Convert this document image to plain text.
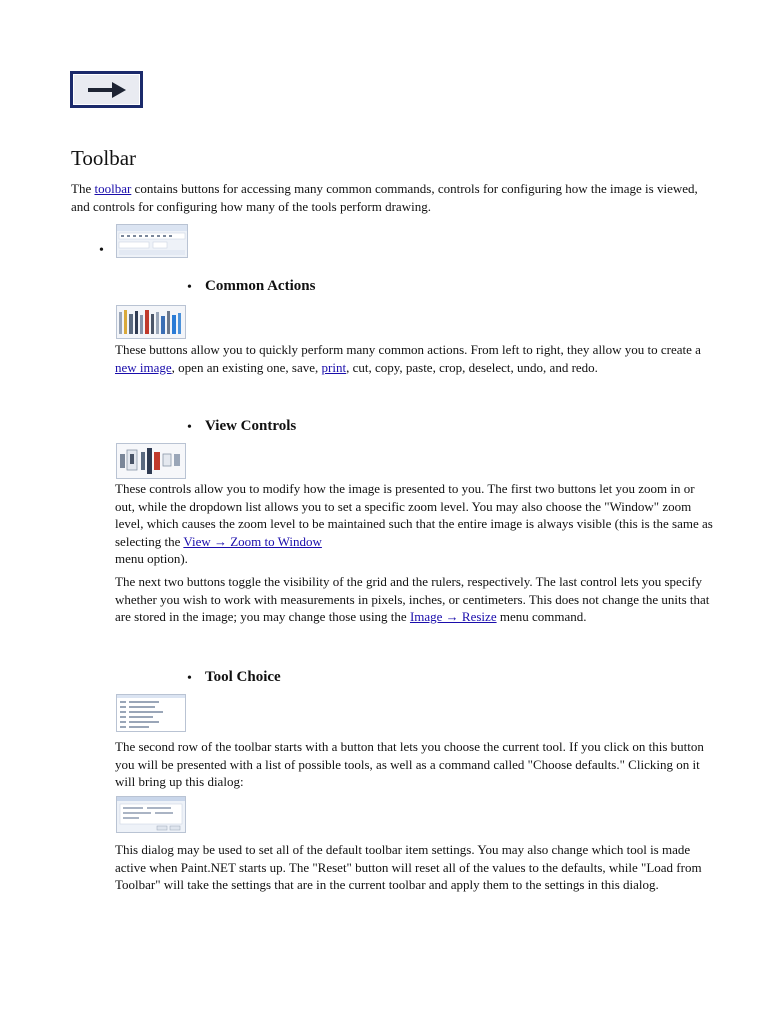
Toolbar

The toolbar contains buttons for accessing many common commands, controls for configuring how the image is viewed, and controls for configuring how many of the tools perform drawing.

•
• Common Actions

These buttons allow you to quickly perform many common actions. From left to right, they allow you to create a new image, open an existing one, save, print, cut, copy, paste, crop, deselect, undo, and redo.

• View Controls

These controls allow you to modify how the image is presented to you. The first two buttons let you zoom in or out, while the dropdown list allows you to set a specific zoom level. You may also choose the "Window" zoom level, which causes the zoom level to be maintained such that the entire image is always visible (this is the same as selecting the View → Zoom to Window
menu option).

The next two buttons toggle the visibility of the grid and the rulers, respectively. The last control lets you specify whether you wish to work with measurements in pixels, inches, or centimeters. This does not change the units that are stored in the image; you may change those using the Image → Resize menu command.

• Tool Choice

The second row of the toolbar starts with a button that lets you choose the current tool. If you click on this button you will be presented with a list of possible tools, as well as a command called "Choose defaults." Clicking on it will bring up this dialog:

This dialog may be used to set all of the default toolbar item settings. You may also change which tool is made active when Paint.NET starts up. The "Reset" button will reset all of the values to the defaults, while "Load from Toolbar" will take the settings that are in the current toolbar and apply them to the settings in this dialog.
